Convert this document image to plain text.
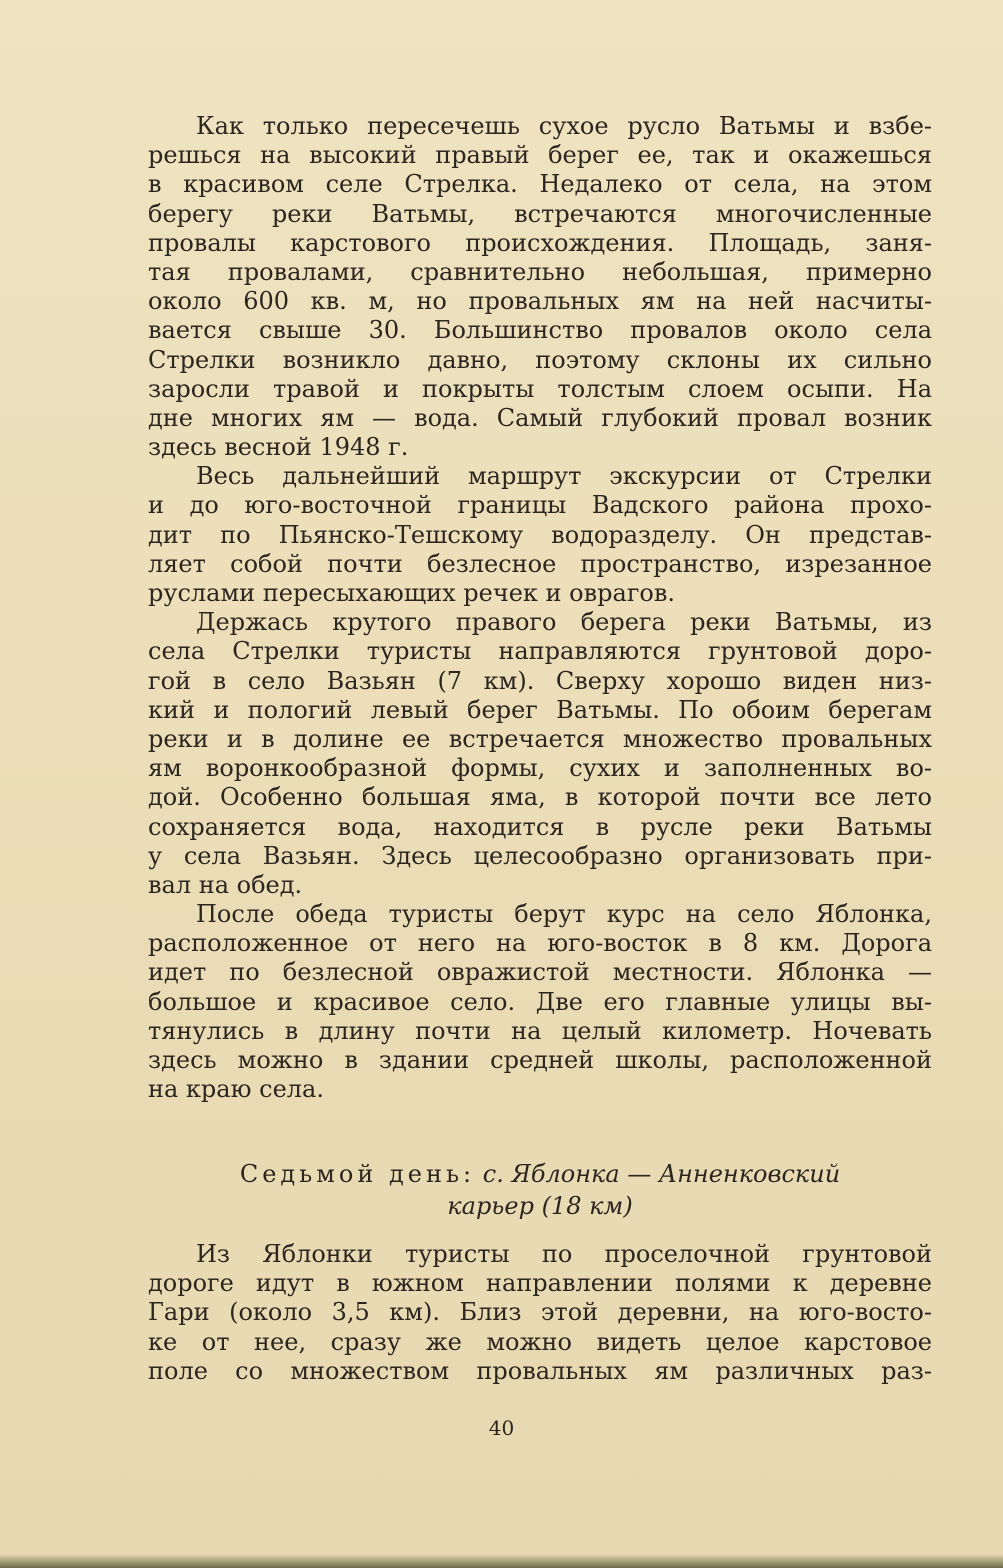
Как только пересечешь сухое русло Ватьмы и взбе-
решься на высокий правый берег ее, так и окажешься
в красивом селе Стрелка. Недалеко от села, на этом
берегу реки Ватьмы, встречаются многочисленные
провалы карстового происхождения. Площадь, заня-
тая провалами, сравнительно небольшая, примерно
около 600 кв. м, но провальных ям на ней насчиты-
вается свыше 30. Большинство провалов около села
Стрелки возникло давно, поэтому склоны их сильно
заросли травой и покрыты толстым слоем осыпи. На
дне многих ям — вода. Самый глубокий провал возник
здесь весной 1948 г.
Весь дальнейший маршрут экскурсии от Стрелки
и до юго-восточной границы Вадского района прохо-
дит по Пьянско-Тешскому водоразделу. Он представ-
ляет собой почти безлесное пространство, изрезанное
руслами пересыхающих речек и оврагов.
Держась крутого правого берега реки Ватьмы, из
села Стрелки туристы направляются грунтовой доро-
гой в село Вазьян (7 км). Сверху хорошо виден низ-
кий и пологий левый берег Ватьмы. По обоим берегам
реки и в долине ее встречается множество провальных
ям воронкообразной формы, сухих и заполненных во-
дой. Особенно большая яма, в которой почти все лето
сохраняется вода, находится в русле реки Ватьмы
у села Вазьян. Здесь целесообразно организовать при-
вал на обед.
После обеда туристы берут курс на село Яблонка,
расположенное от него на юго-восток в 8 км. Дорога
идет по безлесной овражистой местности. Яблонка —
большое и красивое село. Две его главные улицы вы-
тянулись в длину почти на целый километр. Ночевать
здесь можно в здании средней школы, расположенной
на краю села.
Седьмой день: с. Яблонка — Анненковский
карьер (18 км)
Из Яблонки туристы по проселочной грунтовой
дороге идут в южном направлении полями к деревне
Гари (около 3,5 км). Близ этой деревни, на юго-восто-
ке от нее, сразу же можно видеть целое карстовое
поле со множеством провальных ям различных раз-
40
